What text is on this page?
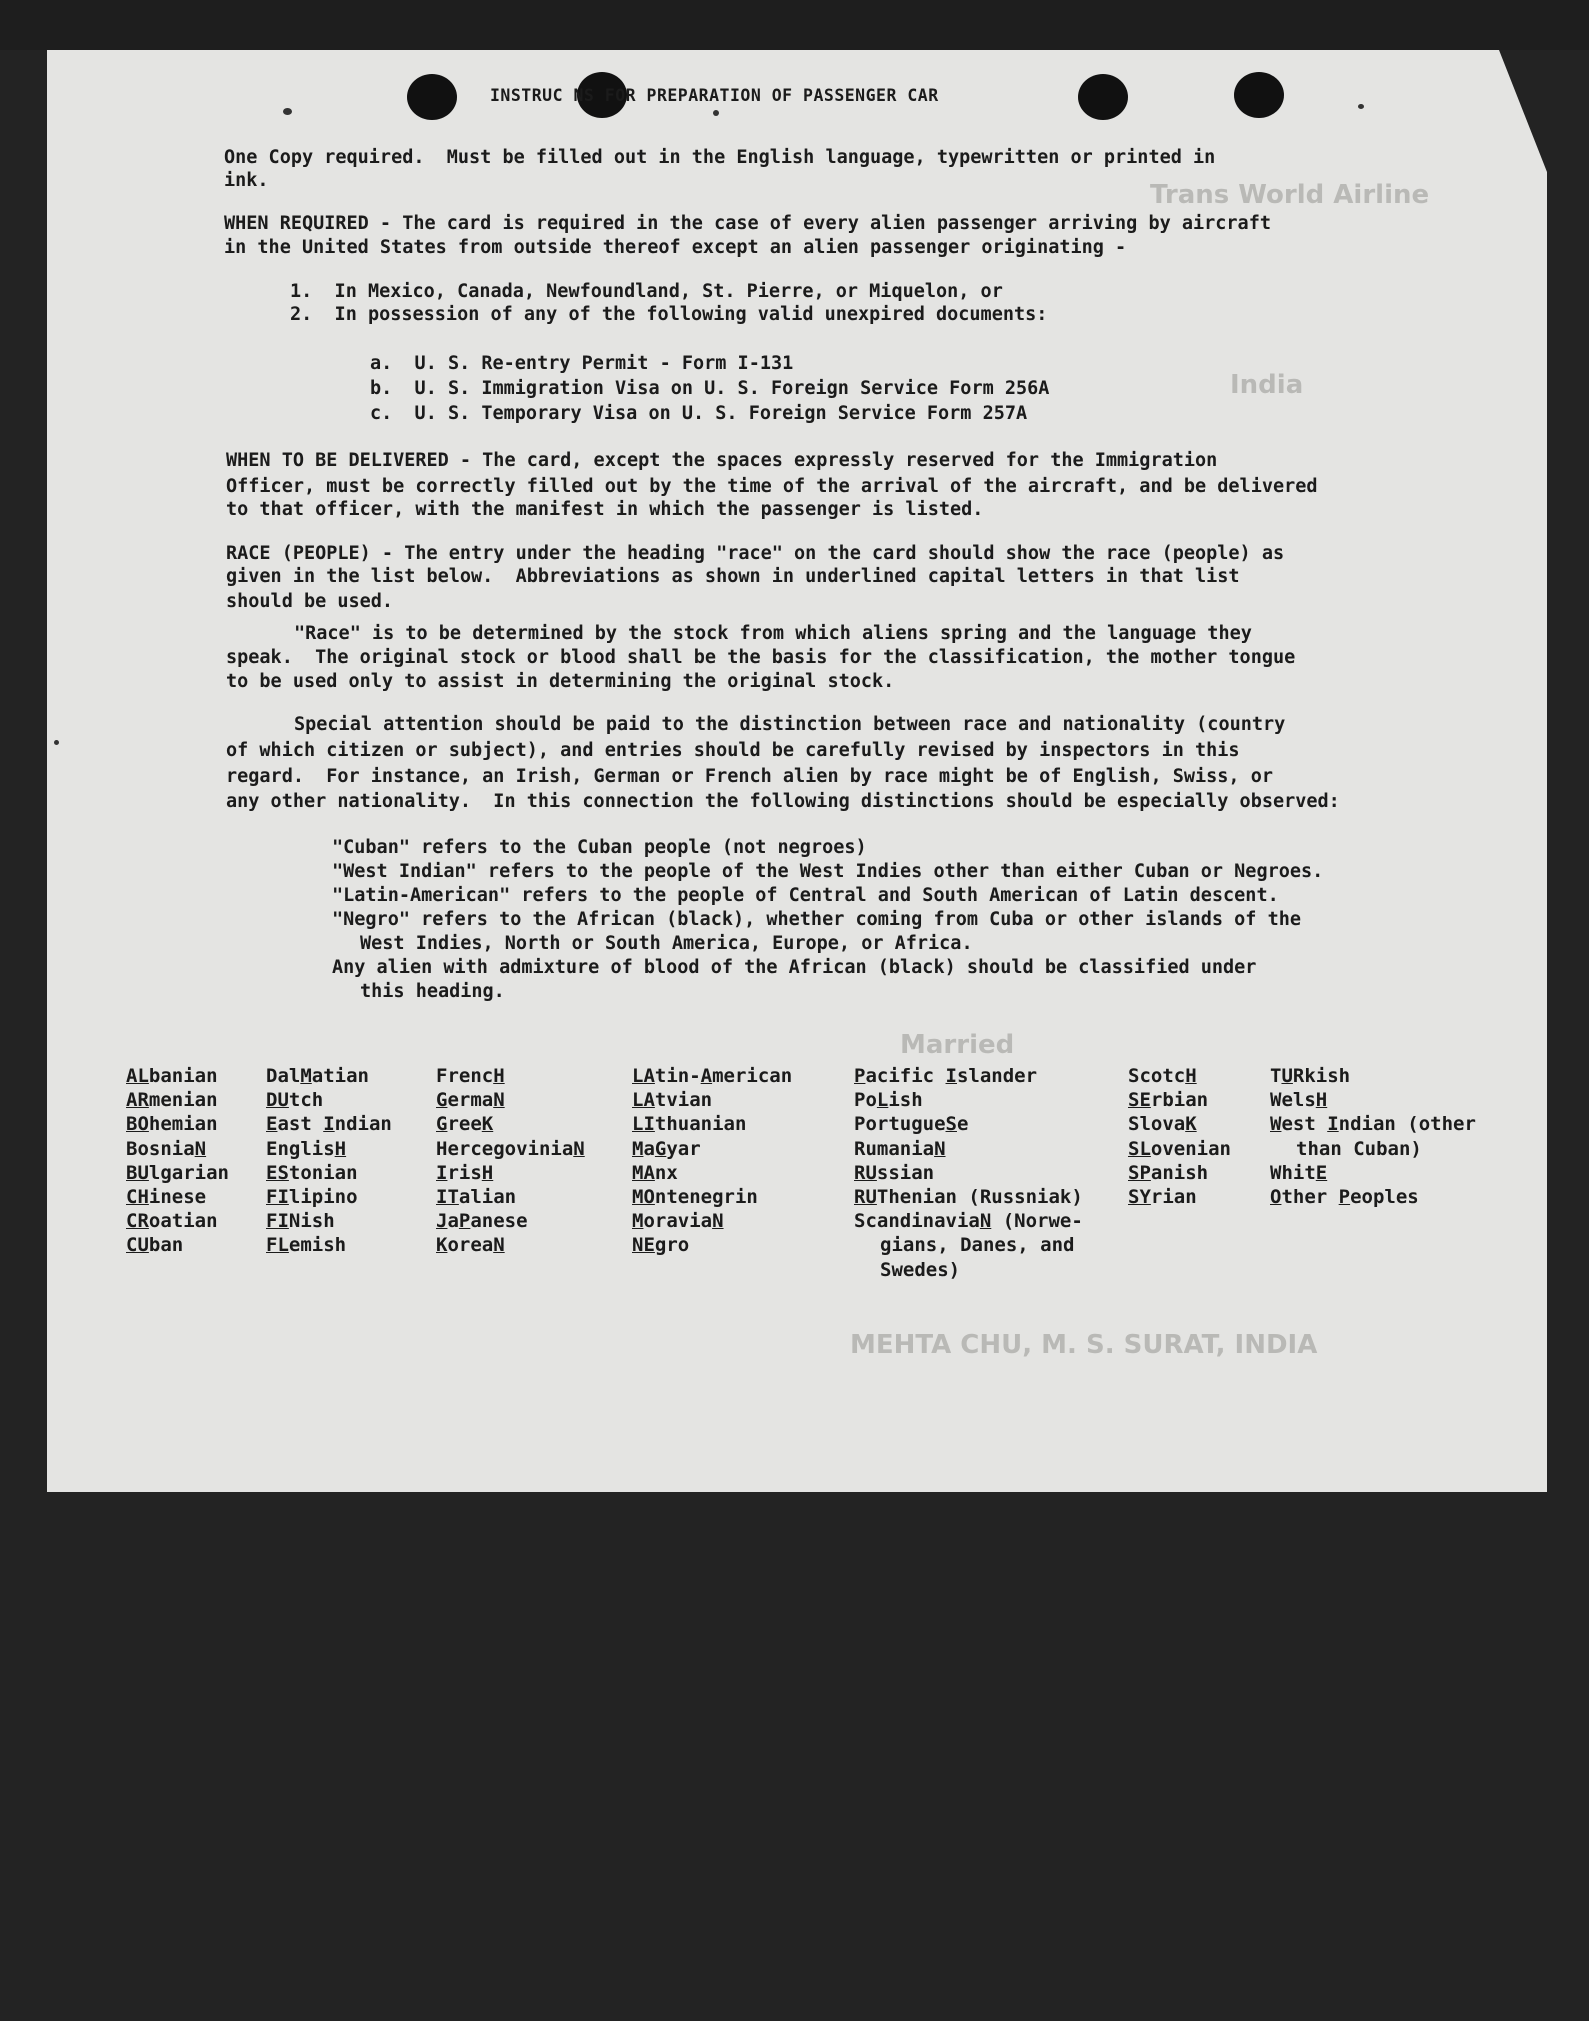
Trans World Airline
India
Married
MEHTA CHU, M. S. SURAT, INDIA
INSTRUC NS FOR PREPARATION OF PASSENGER CAR
One Copy required.  Must be filled out in the English language, typewritten or printed in
ink.
WHEN REQUIRED - The card is required in the case of every alien passenger arriving by aircraft
in the United States from outside thereof except an alien passenger originating -
1.  In Mexico, Canada, Newfoundland, St. Pierre, or Miquelon, or
2.  In possession of any of the following valid unexpired documents:
a.  U. S. Re-entry Permit - Form I-131
b.  U. S. Immigration Visa on U. S. Foreign Service Form 256A
c.  U. S. Temporary Visa on U. S. Foreign Service Form 257A
WHEN TO BE DELIVERED - The card, except the spaces expressly reserved for the Immigration
Officer, must be correctly filled out by the time of the arrival of the aircraft, and be delivered
to that officer, with the manifest in which the passenger is listed.
RACE (PEOPLE) - The entry under the heading "race" on the card should show the race (people) as
given in the list below.  Abbreviations as shown in underlined capital letters in that list
should be used.
"Race" is to be determined by the stock from which aliens spring and the language they
speak.  The original stock or blood shall be the basis for the classification, the mother tongue
to be used only to assist in determining the original stock.
Special attention should be paid to the distinction between race and nationality (country
of which citizen or subject), and entries should be carefully revised by inspectors in this
regard.  For instance, an Irish, German or French alien by race might be of English, Swiss, or
any other nationality.  In this connection the following distinctions should be especially observed:
"Cuban" refers to the Cuban people (not negroes)
"West Indian" refers to the people of the West Indies other than either Cuban or Negroes.
"Latin-American" refers to the people of Central and South American of Latin descent.
"Negro" refers to the African (black), whether coming from Cuba or other islands of the
West Indies, North or South America, Europe, or Africa.
Any alien with admixture of blood of the African (black) should be classified under
this heading.
ALbanian
ARmenian
BOhemian
BosniaN
BUlgarian
CHinese
CRoatian
CUban
DalMatian
DUtch
East Indian
EnglisH
EStonian
FIlipino
FINish
FLemish
FrencH
GermaN
GreeK
HercegoviniaN
IrisH
ITalian
JaPanese
KoreaN
LAtin-American
LAtvian
LIthuanian
MaGyar
MAnx
MOntenegrin
MoraviaN
NEgro
Pacific Islander
PoLish
PortugueSe
RumaniaN
RUssian
RUThenian (Russniak)
ScandinaviaN (Norwe-
gians, Danes, and
Swedes)
ScotcH
SErbian
SlovaK
SLovenian
SPanish
SYrian
TURkish
WelsH
West Indian (other
than Cuban)
WhitE
Other Peoples
